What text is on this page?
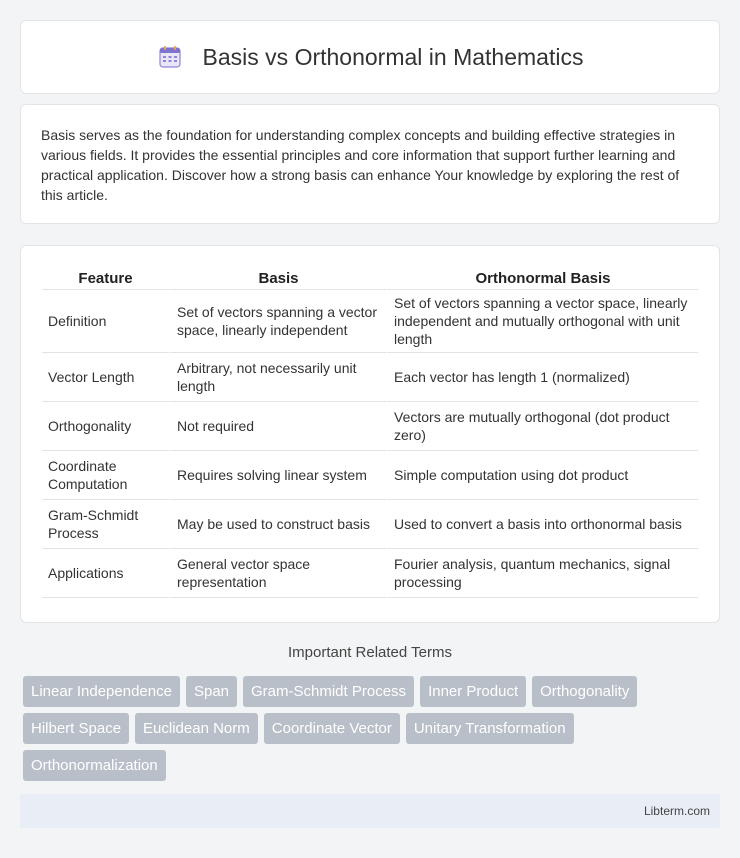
Basis vs Orthonormal in Mathematics

Basis serves as the foundation for understanding complex concepts and building effective strategies in various fields. It provides the essential principles and core information that support further learning and practical application. Discover how a strong basis can enhance Your knowledge by exploring the rest of this article.

Feature	Basis	Orthonormal Basis
Definition	Set of vectors spanning a vector space, linearly independent	Set of vectors spanning a vector space, linearly independent and mutually orthogonal with unit length
Vector Length	Arbitrary, not necessarily unit length	Each vector has length 1 (normalized)
Orthogonality	Not required	Vectors are mutually orthogonal (dot product zero)
Coordinate Computation	Requires solving linear system	Simple computation using dot product
Gram-Schmidt Process	May be used to construct basis	Used to convert a basis into orthonormal basis
Applications	General vector space representation	Fourier analysis, quantum mechanics, signal processing
Important Related Terms
Linear Independence	Span	Gram-Schmidt Process	Inner Product	Orthogonality
Hilbert Space	Euclidean Norm	Coordinate Vector	Unitary Transformation
Orthonormalization
Libterm.com
